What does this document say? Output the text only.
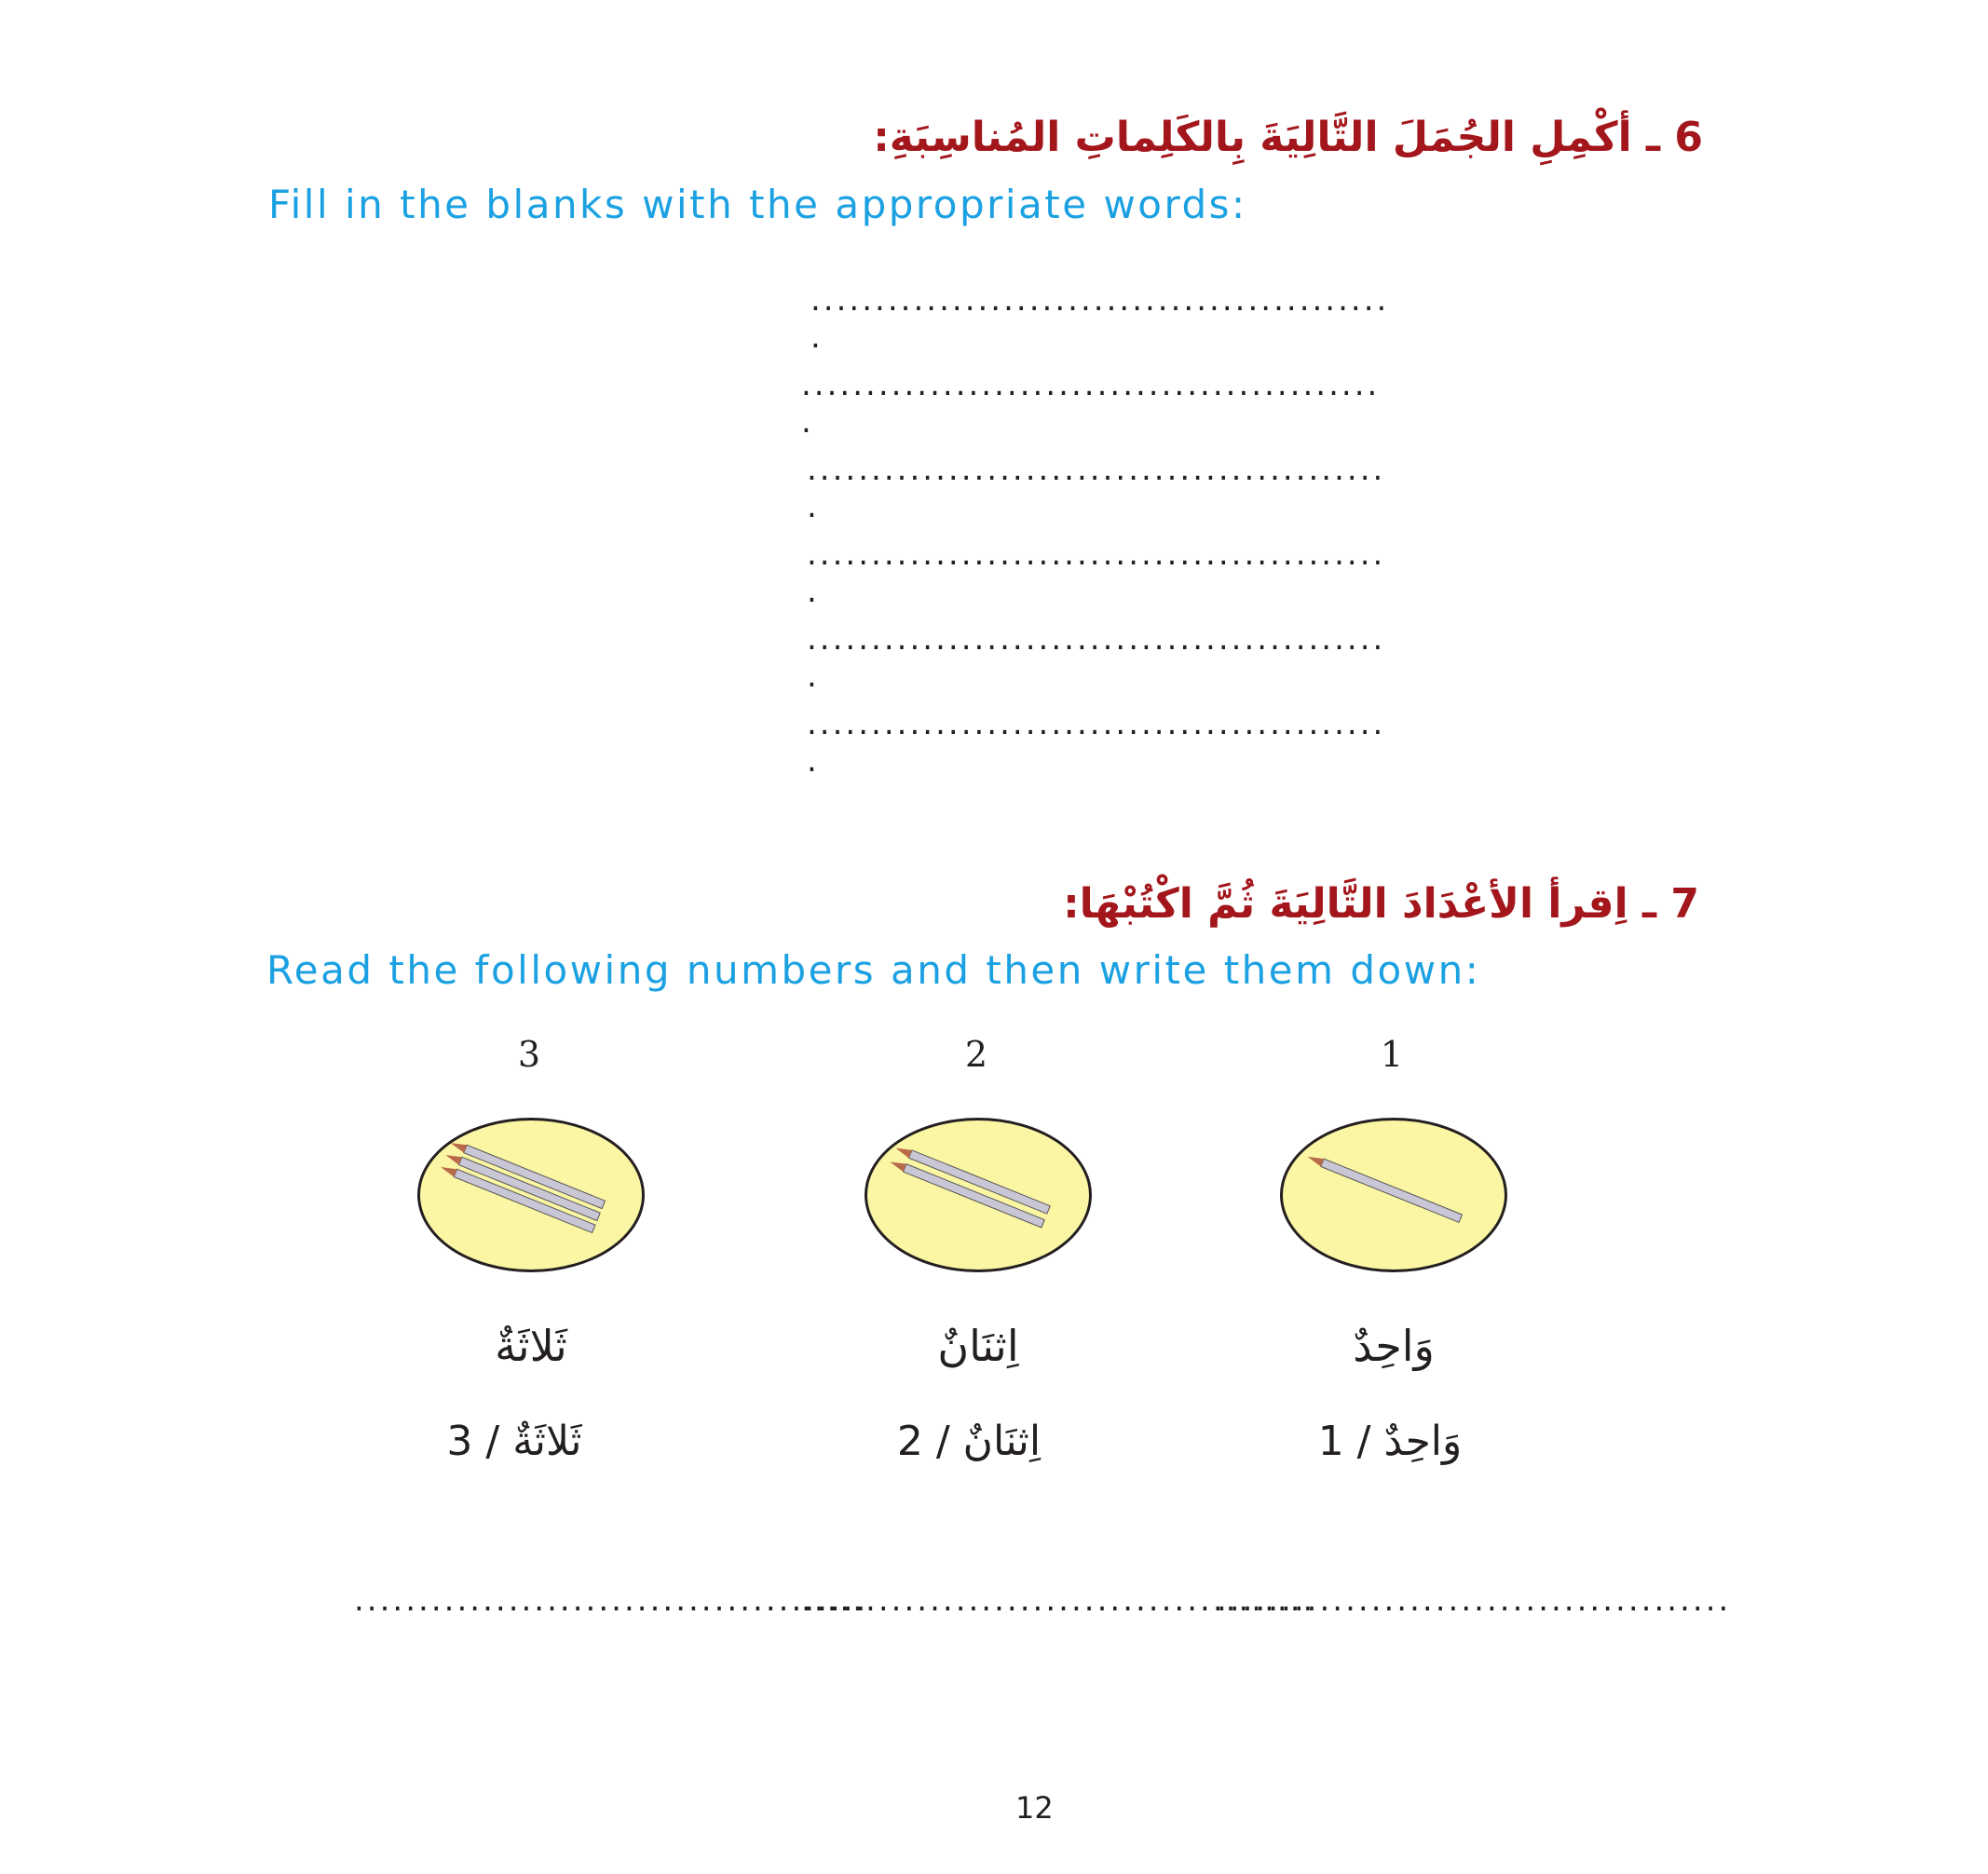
6 ـ أكْمِلِ الجُمَلَ التَّالِيَةَ بِالكَلِماتِ المُناسِبَةِ:
Fill in the blanks with the appropriate words:
............................................. .
............................................. .
............................................. .
............................................. .
............................................. .
............................................. .
7 ـ اِقرأ الأعْدَادَ التَّالِيَةَ ثُمَّ اكْتُبْهَا:
Read the following numbers and then write them down:
3
ثَلاثَةٌ
3 / ثَلاثَةٌ
........................................
2
اِثنَانٌ
2 / اِثنَانٌ
........................................
1
وَاحِدٌ
1 / وَاحِدٌ
........................................
12
